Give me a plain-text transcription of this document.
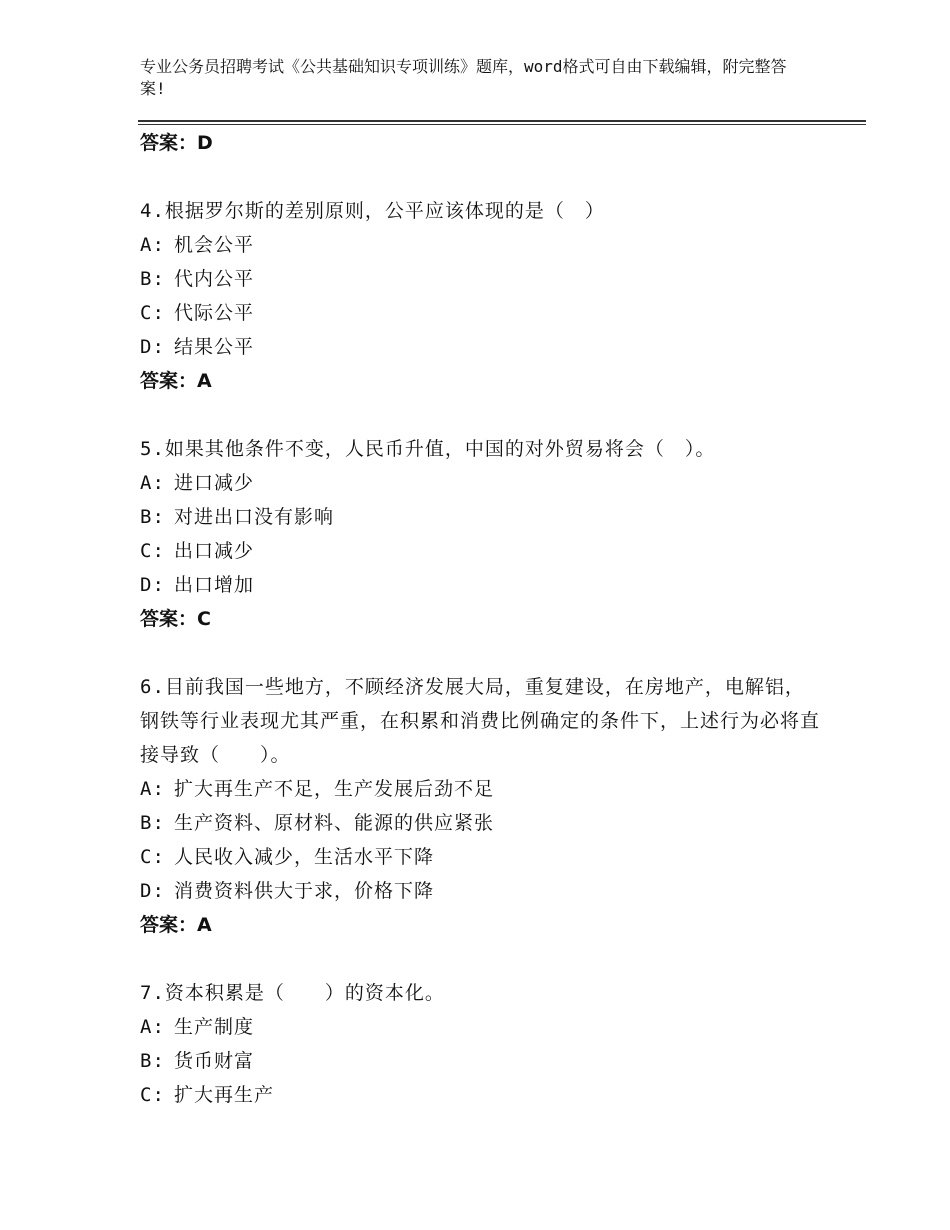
专业公务员招聘考试《公共基础知识专项训练》题库，word格式可自由下载编辑，附完整答案!
答案：D
4.根据罗尔斯的差别原则，公平应该体现的是（　）
A: 机会公平
B: 代内公平
C: 代际公平
D: 结果公平
答案：A
5.如果其他条件不变，人民币升值，中国的对外贸易将会（　）。
A: 进口减少
B: 对进出口没有影响
C: 出口减少
D: 出口增加
答案：C
6.目前我国一些地方，不顾经济发展大局，重复建设，在房地产，电解铝，钢铁等行业表现尤其严重，在积累和消费比例确定的条件下，上述行为必将直接导致（　　）。
A: 扩大再生产不足，生产发展后劲不足
B: 生产资料、原材料、能源的供应紧张
C: 人民收入减少，生活水平下降
D: 消费资料供大于求，价格下降
答案：A
7.资本积累是（　　）的资本化。
A: 生产制度
B: 货币财富
C: 扩大再生产
